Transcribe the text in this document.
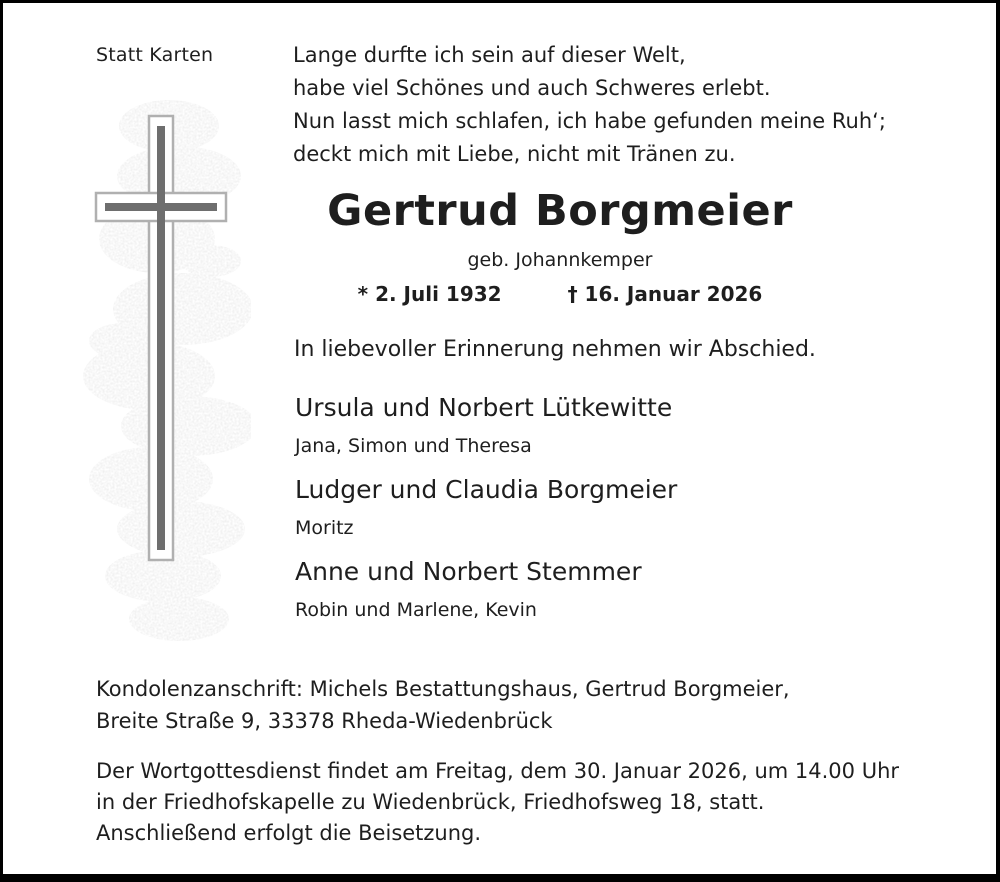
Statt Karten	Lange durfte ich sein auf dieser Welt,
habe viel Schönes und auch Schweres erlebt.
Nun lasst mich schlafen, ich habe gefunden meine Ruh‘;
deckt mich mit Liebe, nicht mit Tränen zu.
Gertrud Borgmeier
geb. Johannkemper
* 2. Juli 1932	† 16. Januar 2026
In liebevoller Erinnerung nehmen wir Abschied.
Ursula und Norbert Lütkewitte
Jana, Simon und Theresa
Ludger und Claudia Borgmeier
Moritz
Anne und Norbert Stemmer
Robin und Marlene, Kevin
Kondolenzanschrift: Michels Bestattungshaus, Gertrud Borgmeier,
Breite Straße 9, 33378 Rheda-Wiedenbrück
Der Wortgottesdienst findet am Freitag, dem 30. Januar 2026, um 14.00 Uhr
in der Friedhofskapelle zu Wiedenbrück, Friedhofsweg 18, statt.
Anschließend erfolgt die Beisetzung.
